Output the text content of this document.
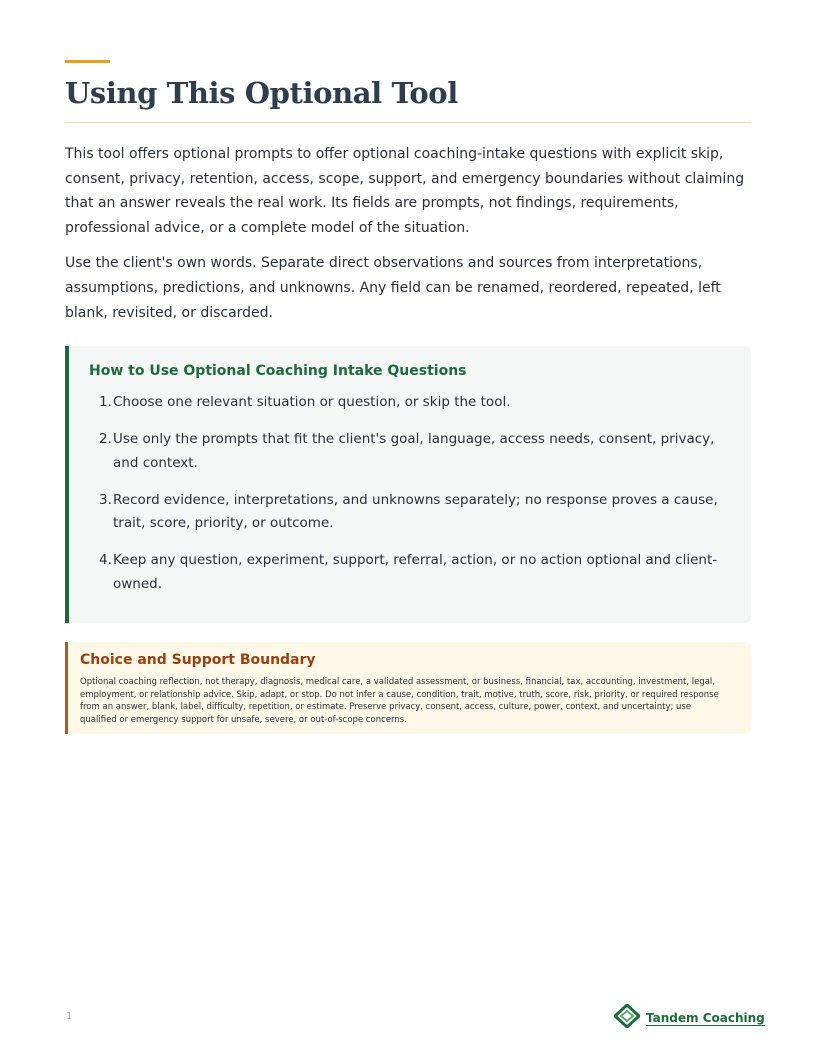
Using This Optional Tool

This tool offers optional prompts to offer optional coaching-intake questions with explicit skip, consent, privacy, retention, access, scope, support, and emergency boundaries without claiming that an answer reveals the real work. Its fields are prompts, not findings, requirements, professional advice, or a complete model of the situation.

Use the client's own words. Separate direct observations and sources from interpretations, assumptions, predictions, and unknowns. Any field can be renamed, reordered, repeated, left blank, revisited, or discarded.

How to Use Optional Coaching Intake Questions
1. Choose one relevant situation or question, or skip the tool.
2. Use only the prompts that fit the client's goal, language, access needs, consent, privacy, and context.
3. Record evidence, interpretations, and unknowns separately; no response proves a cause, trait, score, priority, or outcome.
4. Keep any question, experiment, support, referral, action, or no action optional and client-owned.
Choice and Support Boundary

Optional coaching reflection, not therapy, diagnosis, medical care, a validated assessment, or business, financial, tax, accounting, investment, legal, employment, or relationship advice. Skip, adapt, or stop. Do not infer a cause, condition, trait, motive, truth, score, risk, priority, or required response from an answer, blank, label, difficulty, repetition, or estimate. Preserve privacy, consent, access, culture, power, context, and uncertainty; use qualified or emergency support for unsafe, severe, or out-of-scope concerns.

1	Tandem Coaching
